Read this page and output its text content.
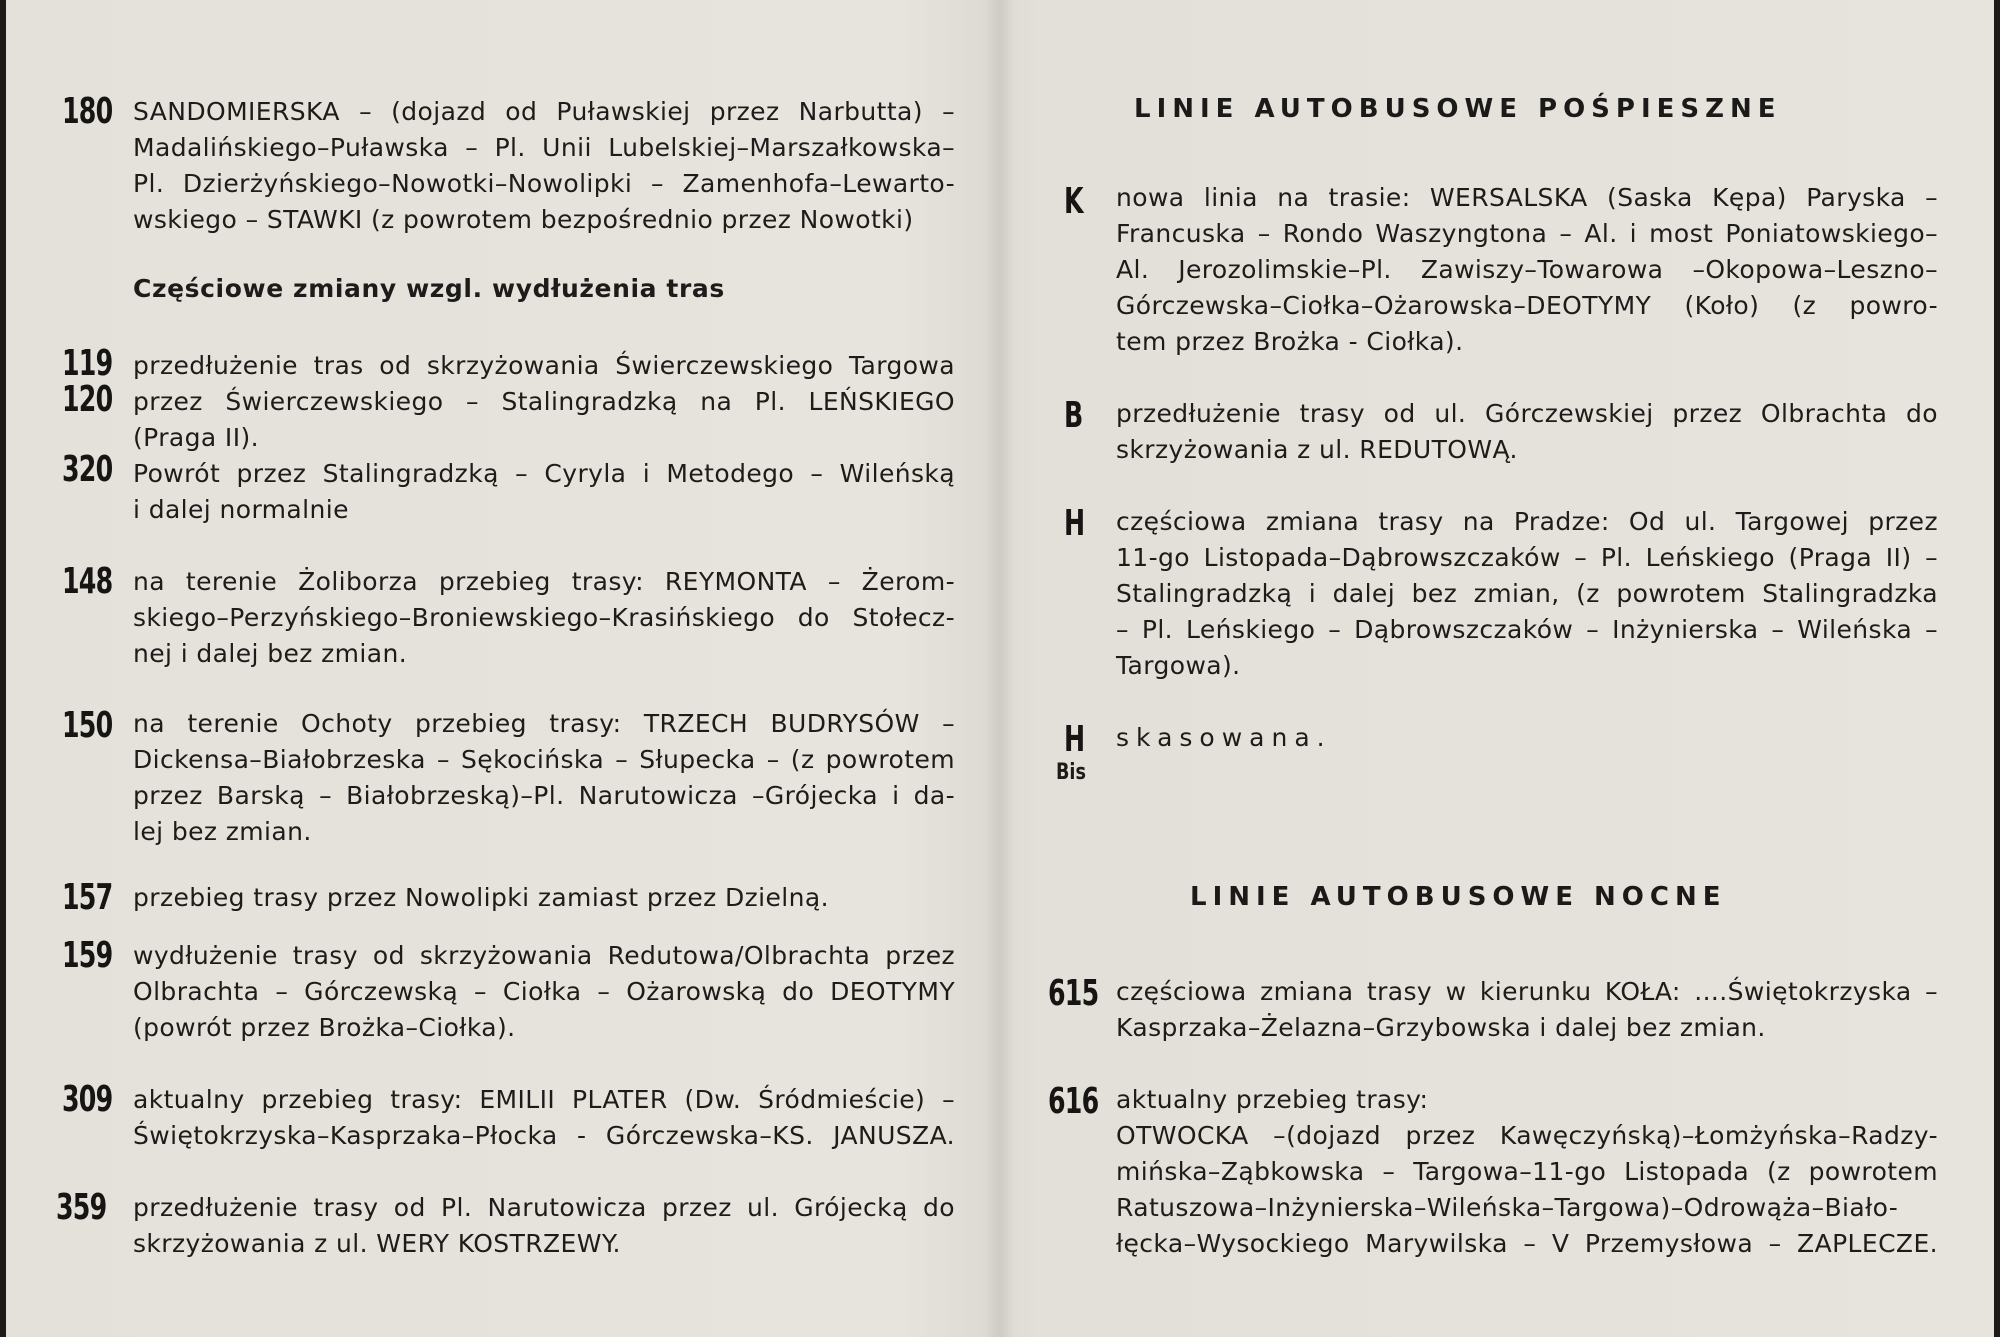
180 SANDOMIERSKA – (dojazd od Puławskiej przez Narbutta) –
Madalińskiego–Puławska – Pl. Unii Lubelskiej–Marszałkowska–
Pl. Dzierżyńskiego–Nowotki–Nowolipki – Zamenhofa–Lewarto-
wskiego – STAWKI (z powrotem bezpośrednio przez Nowotki)
Częściowe zmiany wzgl. wydłużenia tras
119
120
320
przedłużenie tras od skrzyżowania Świerczewskiego Targowa
przez Świerczewskiego – Stalingradzką na Pl. LEŃSKIEGO
(Praga II).
Powrót przez Stalingradzką – Cyryla i Metodego – Wileńską
i dalej normalnie
148 na terenie Żoliborza przebieg trasy: REYMONTA – Żerom-
skiego–Perzyńskiego–Broniewskiego–Krasińskiego do Stołecz-
nej i dalej bez zmian.
150 na terenie Ochoty przebieg trasy: TRZECH BUDRYSÓW –
Dickensa–Białobrzeska – Sękocińska – Słupecka – (z powrotem
przez Barską – Białobrzeską)–Pl. Narutowicza –Grójecka i da-
lej bez zmian.
157 przebieg trasy przez Nowolipki zamiast przez Dzielną.
159 wydłużenie trasy od skrzyżowania Redutowa/Olbrachta przez
Olbrachta – Górczewską – Ciołka – Ożarowską do DEOTYMY
(powrót przez Brożka–Ciołka).
309 aktualny przebieg trasy: EMILII PLATER (Dw. Śródmieście) –
Świętokrzyska–Kasprzaka–Płocka - Górczewska–KS. JANUSZA.
359 przedłużenie trasy od Pl. Narutowicza przez ul. Grójecką do
skrzyżowania z ul. WERY KOSTRZEWY.
LINIE AUTOBUSOWE POŚPIESZNE
K nowa linia na trasie: WERSALSKA (Saska Kępa) Paryska –
Francuska – Rondo Waszyngtona – Al. i most Poniatowskiego–
Al. Jerozolimskie–Pl. Zawiszy–Towarowa –Okopowa–Leszno–
Górczewska–Ciołka–Ożarowska–DEOTYMY (Koło) (z powro-
tem przez Brożka - Ciołka).
B przedłużenie trasy od ul. Górczewskiej przez Olbrachta do
skrzyżowania z ul. REDUTOWĄ.
H częściowa zmiana trasy na Pradze: Od ul. Targowej przez
11-go Listopada–Dąbrowszczaków – Pl. Leńskiego (Praga II) –
Stalingradzką i dalej bez zmian, (z powrotem Stalingradzka
– Pl. Leńskiego – Dąbrowszczaków – Inżynierska – Wileńska –
Targowa).
H
Bis
skasowana.
LINIE AUTOBUSOWE NOCNE
615 częściowa zmiana trasy w kierunku KOŁA: ....Świętokrzyska –
Kasprzaka–Żelazna–Grzybowska i dalej bez zmian.
616 aktualny przebieg trasy:
OTWOCKA –(dojazd przez Kawęczyńską)–Łomżyńska–Radzy-
mińska–Ząbkowska – Targowa–11-go Listopada (z powrotem
Ratuszowa–Inżynierska–Wileńska–Targowa)–Odrowąża–Biało-
łęcka–Wysockiego Marywilska – V Przemysłowa – ZAPLECZE.
